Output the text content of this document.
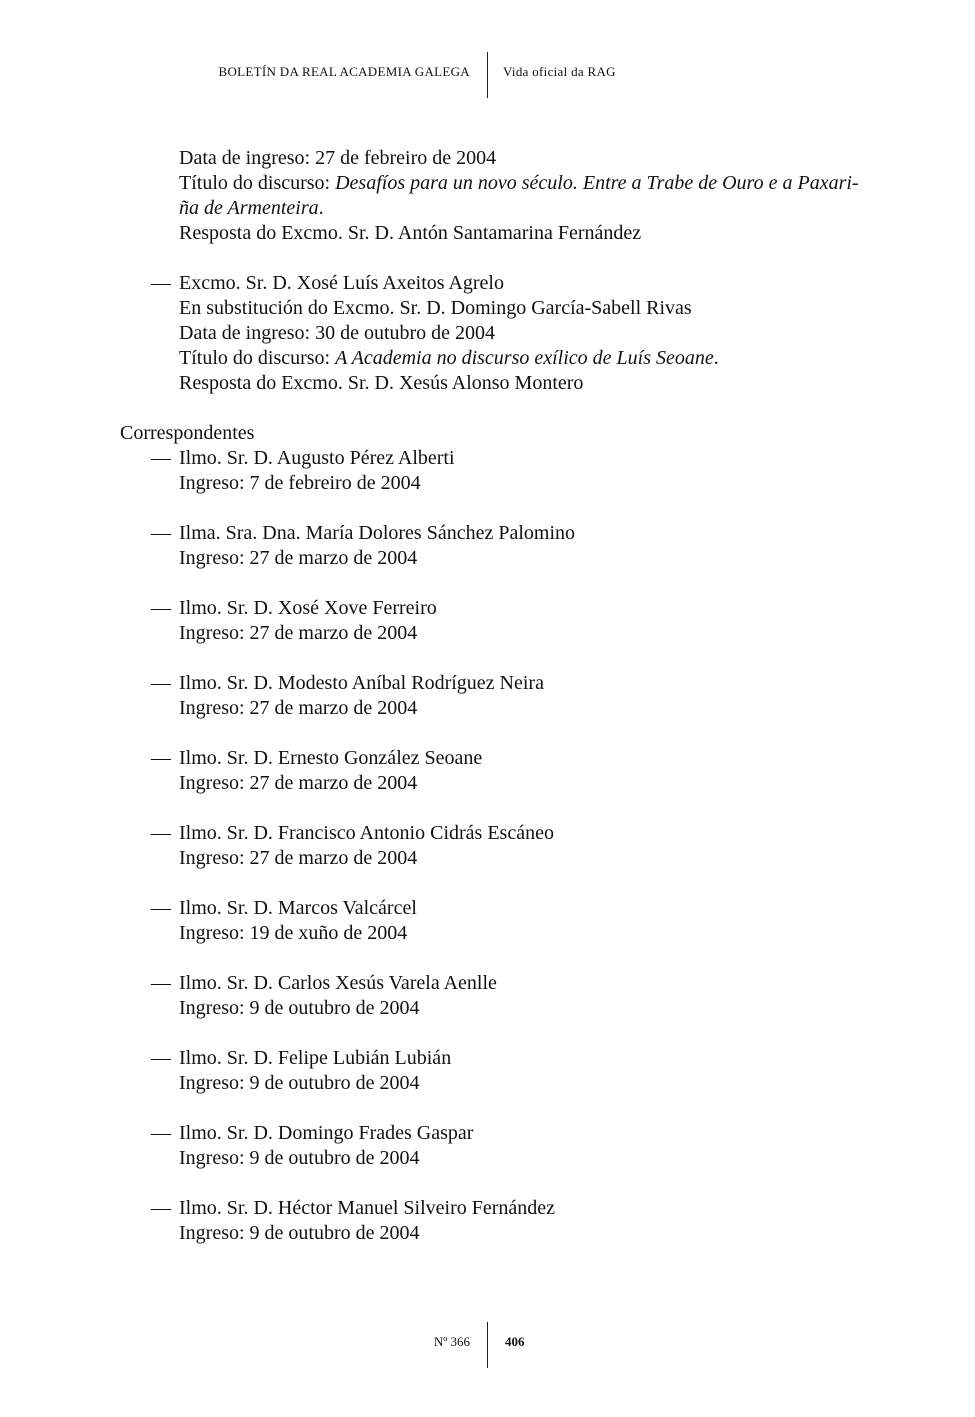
BOLETÍN DA REAL ACADEMIA GALEGA	Vida oficial da RAG
Data de ingreso: 27 de febreiro de 2004
Título do discurso: Desafíos para un novo século. Entre a Trabe de Ouro e a Paxari-
ña de Armenteira.
Resposta do Excmo. Sr. D. Antón Santamarina Fernández
— Excmo. Sr. D. Xosé Luís Axeitos Agrelo
En substitución do Excmo. Sr. D. Domingo García-Sabell Rivas
Data de ingreso: 30 de outubro de 2004
Título do discurso: A Academia no discurso exílico de Luís Seoane.
Resposta do Excmo. Sr. D. Xesús Alonso Montero
Correspondentes
— Ilmo. Sr. D. Augusto Pérez Alberti
Ingreso: 7 de febreiro de 2004
— Ilma. Sra. Dna. María Dolores Sánchez Palomino
Ingreso: 27 de marzo de 2004
— Ilmo. Sr. D. Xosé Xove Ferreiro
Ingreso: 27 de marzo de 2004
— Ilmo. Sr. D. Modesto Aníbal Rodríguez Neira
Ingreso: 27 de marzo de 2004
— Ilmo. Sr. D. Ernesto González Seoane
Ingreso: 27 de marzo de 2004
— Ilmo. Sr. D. Francisco Antonio Cidrás Escáneo
Ingreso: 27 de marzo de 2004
— Ilmo. Sr. D. Marcos Valcárcel
Ingreso: 19 de xuño de 2004
— Ilmo. Sr. D. Carlos Xesús Varela Aenlle
Ingreso: 9 de outubro de 2004
— Ilmo. Sr. D. Felipe Lubián Lubián
Ingreso: 9 de outubro de 2004
— Ilmo. Sr. D. Domingo Frades Gaspar
Ingreso: 9 de outubro de 2004
— Ilmo. Sr. D. Héctor Manuel Silveiro Fernández
Ingreso: 9 de outubro de 2004
Nº 366	406
